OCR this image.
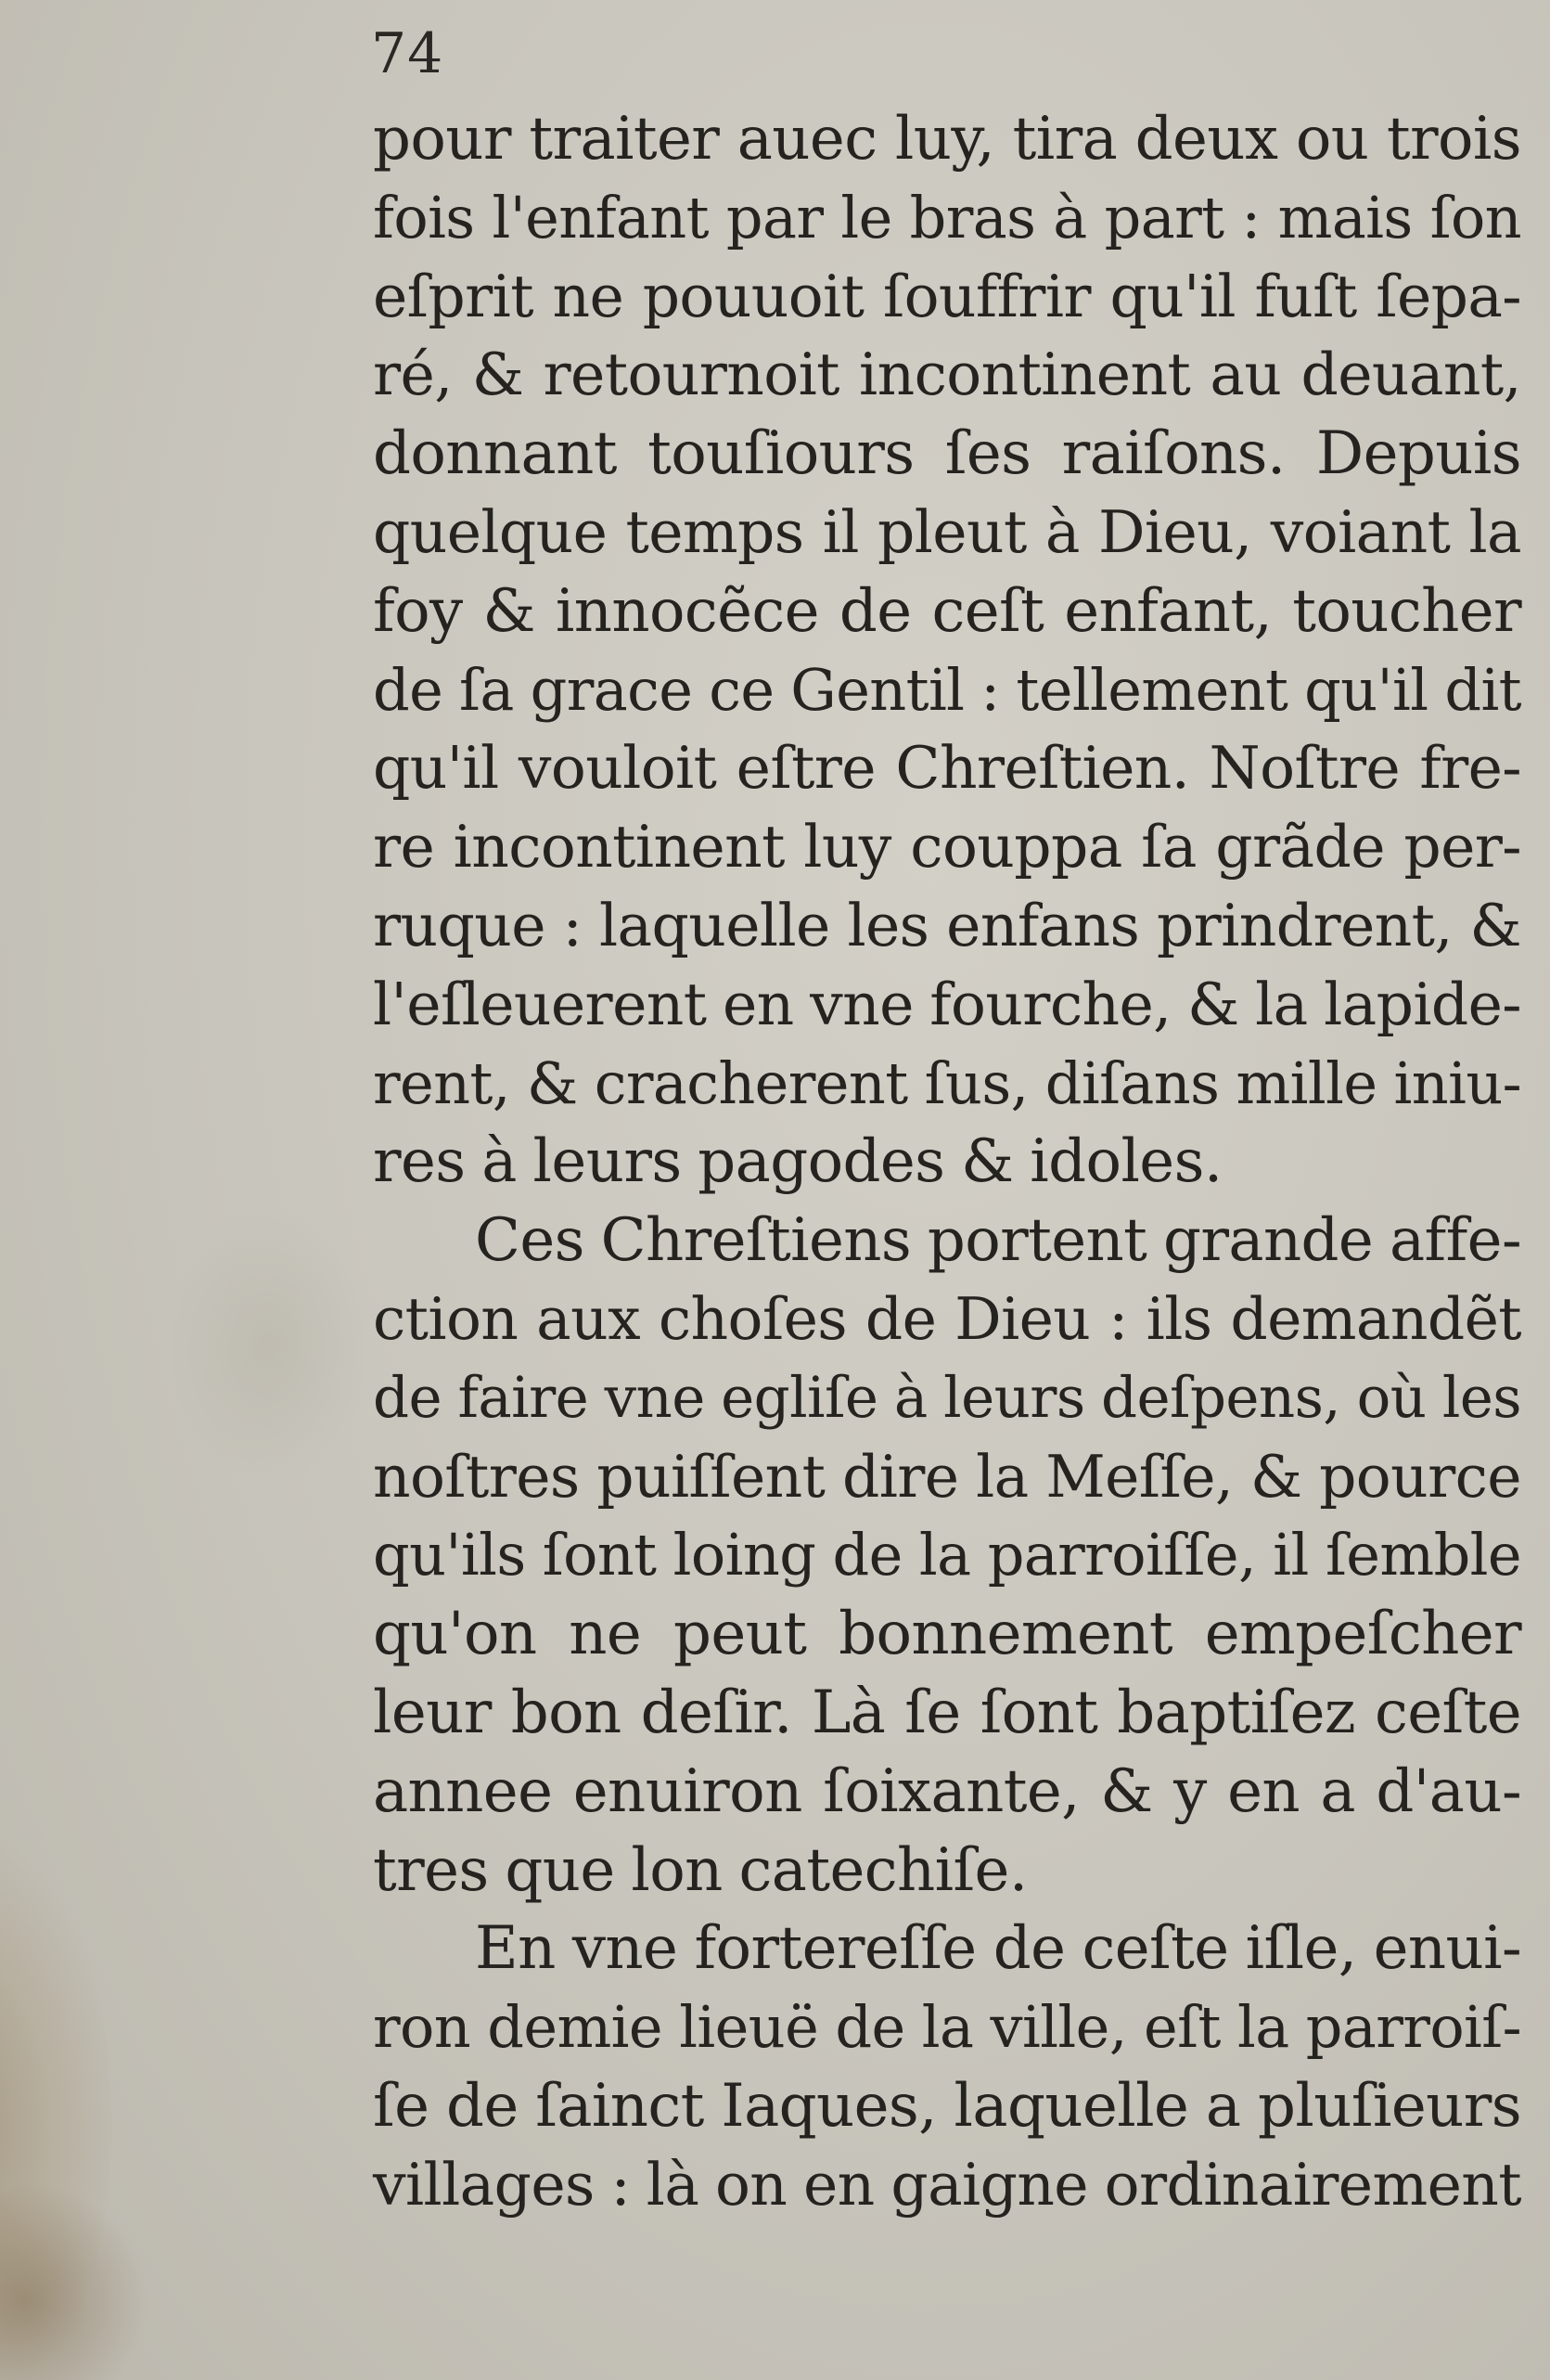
74
pour traiter auec luy, tira deux ou trois
fois l'enfant par le bras à part : mais ſon
eſprit ne pouuoit ſouffrir qu'il fuſt ſepa-
ré, & retournoit incontinent au deuant,
donnant touſiours ſes raiſons. Depuis
quelque temps il pleut à Dieu, voiant la
foy & innocẽce de ceſt enfant, toucher
de ſa grace ce Gentil : tellement qu'il dit
qu'il vouloit eſtre Chreſtien. Noſtre fre-
re incontinent luy couppa ſa grãde per-
ruque : laquelle les enfans prindrent, &
l'eſleuerent en vne fourche, & la lapide-
rent, & cracherent ſus, diſans mille iniu-
res à leurs pagodes & idoles.
Ces Chreſtiens portent grande affe-
ction aux choſes de Dieu : ils demandẽt
de faire vne egliſe à leurs deſpens, où les
noſtres puiſſent dire la Meſſe, & pource
qu'ils ſont loing de la parroiſſe, il ſemble
qu'on ne peut bonnement empeſcher
leur bon deſir. Là ſe ſont baptiſez ceſte
annee enuiron ſoixante, & y en a d'au-
tres que lon catechiſe.
En vne fortereſſe de ceſte iſle, enui-
ron demie lieuë de la ville, eſt la parroiſ-
ſe de ſainct Iaques, laquelle a pluſieurs
villages : là on en gaigne ordinairement
